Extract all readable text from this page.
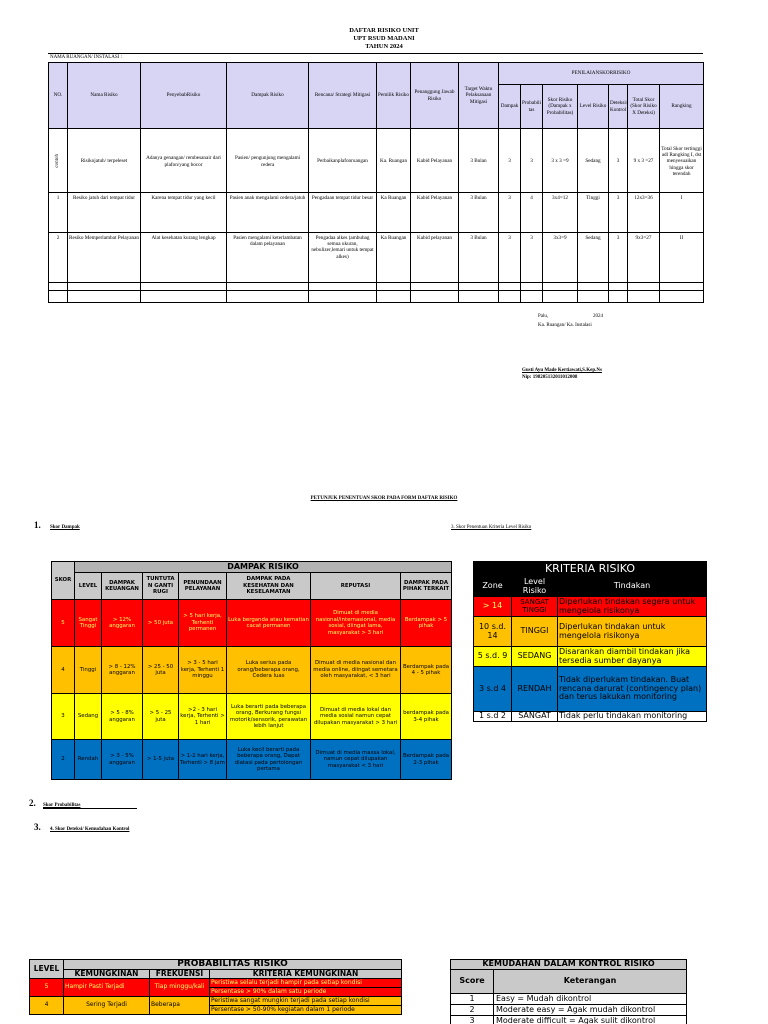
DAFTAR RISIKO UNIT
UPT RSUD MADANI
TAHUN 2024
NAMA RUANGAN/ INSTALASI :
NO.	Nama Risiko	PenyebabRisiko	Dampak Risiko	Rencana/ Strategi Mitigasi	Pemilik Risiko	Penanggung Jawab Risiko	Target Waktu Pelaksanaan Mitigasi	PENILAIANSKORRISIKO						
								Dampak	Probabili tas	Skor Risiko (Dampak x Probabilitas)	Level Risiko	Deteksi/ Kontrol	Total Skor (Skor Risiko X Deteksi)	Rangking
contoh	Risikojatuh/ terpeleset	Adanya genangan/ rembesanair dari plafon/yang bocor	Pasien/ pengunjung mengalami cedera	Perbaikanplafonruangan	Ka. Ruangan	Kabid Pelayanan	3 Bulan	3	3	3 x 3 =9	Sedang	3	9 x 3 =27	Total Skor tertinggi adl Rangking I, dst menyesuaikan hingga skor terendah
1	Resiko jatuh dari tempat tidur	Karena tempat tidur yang kecil	Pasien anak mengalami cedera/jatuh	Pengadaan tempat tidur besar	Ka Ruangan	Kabid Pelayanan	3 Bulan	3	4	3x4=12	Tinggi	3	12x3=36	I
2	Resiko Memperlambat Pelayanan	Alat kesehatan kurang lengkap	Pasien mengalami keterlambatan dalam pelayanan	Pengadaa alkes (ambubag semua ukuran, nebulizer,lemari untuk tempat alkes)	Ka Ruangan	Kabid pelayanan	3 Bulan	3	3	3x3=9	Sedang	3	9x3=27	II

Palu,	2024
Ka. Ruangan/ Ka. Instalasi
Gusti Ayu Made Kertiawati,S.Kep.Ns
Nip: 198205132011012008
PETUNJUK PENENTUAN SKOR PADA FORM DAFTAR RISIKO
1. Skor Dampak	3. Skor Penentuan Kriteria Level Risiko
SKOR	DAMPAK RISIKO						
	LEVEL	DAMPAK KEUANGAN	TUNTUTA N GANTI RUGI	PENUNDAAN PELAYANAN	DAMPAK PADA KESEHATAN DAN KESELAMATAN	REPUTASI	DAMPAK PADA PIHAK TERKAIT
5	Sangat Tinggi	> 12% anggaran	> 50 juta	> 5 hari kerja, Terhenti permanen	Luka berganda atau kematian cacat permanen	Dimuat di media nasional/internasional, media sosial, diingat lama, masyarakat > 3 hari	Berdampak > 5 pihak
4	Tinggi	> 8 - 12% anggaran	> 25 - 50 juta	> 3 - 5 hari kerja, Terhenti 1 minggu	Luka serius pada orang/beberapa orang, Cedera luas	Dimuat di media nasional dan media online, diingat semetara oleh masyarakat, < 3 hari	Berdampak pada 4 - 5 pihak
3	Sedang	> 5 - 8% anggaran	> 5 - 25 juta	>2 - 3 hari kerja, Terhenti > 1 hari	Luka berarti pada beberapa orang, Berkurang fungsi motorik/sensorik, perawatan lebih lanjut	Dimuat di media lokal dan media sosial namun cepat dilupakan masyarakat > 3 hari	berdampak pada 3-4 pihak
2	Rendah	> 3 - 5% anggaran	> 1-5 juta	> 1-2 hari kerja, Terhenti > 8 jam	Luka kecil berarti pada beberapa orang, Dapat diatasi pada pertolongan pertama	Dimuat di media massa lokal, namun cepat dilupakan masyarakat < 3 hari	Berdampak pada 2-3 pihak
KRITERIA RISIKO		
Zone	Level Risiko	Tindakan
> 14	SANGAT TINGGI	Diperlukan tindakan segera untuk mengelola risikonya
10 s.d. 14	TINGGI	Diperlukan tindakan untuk mengelola risikonya
5 s.d. 9	SEDANG	Disarankan diambil tindakan jika tersedia sumber dayanya
3 s.d 4	RENDAH	Tidak diperlukam tindakan. Buat rencana darurat (contingency plan) dan terus lakukan monitoring
1 s.d 2	SANGAT	Tidak perlu tindakan monitoring
2. Skor Probabilitas
3. 4. Skor Deteksi/ Kemudahan Kontrol
LEVEL	PROBABILITAS RISIKO		
	KEMUNGKINAN	FREKUENSI	KRITERIA KEMUNGKINAN
5	Hampir Pasti Terjadi	Tiap minggu/kali	Peristiwa selalu terjadi hampir pada setiap kondisi
			Persentase > 90% dalam satu periode
4	Sering Terjadi	Beberapa	Peristiwa sangat mungkin terjadi pada setiap kondisi
			Persentase > 50-90% kegiatan dalam 1 periode
KEMUDAHAN DALAM KONTROL RISIKO	
Score	Keterangan
1	Easy = Mudah dikontrol
2	Moderate easy = Agak mudah dikontrol
3	Moderate difficult = Agak sulit dikontrol
